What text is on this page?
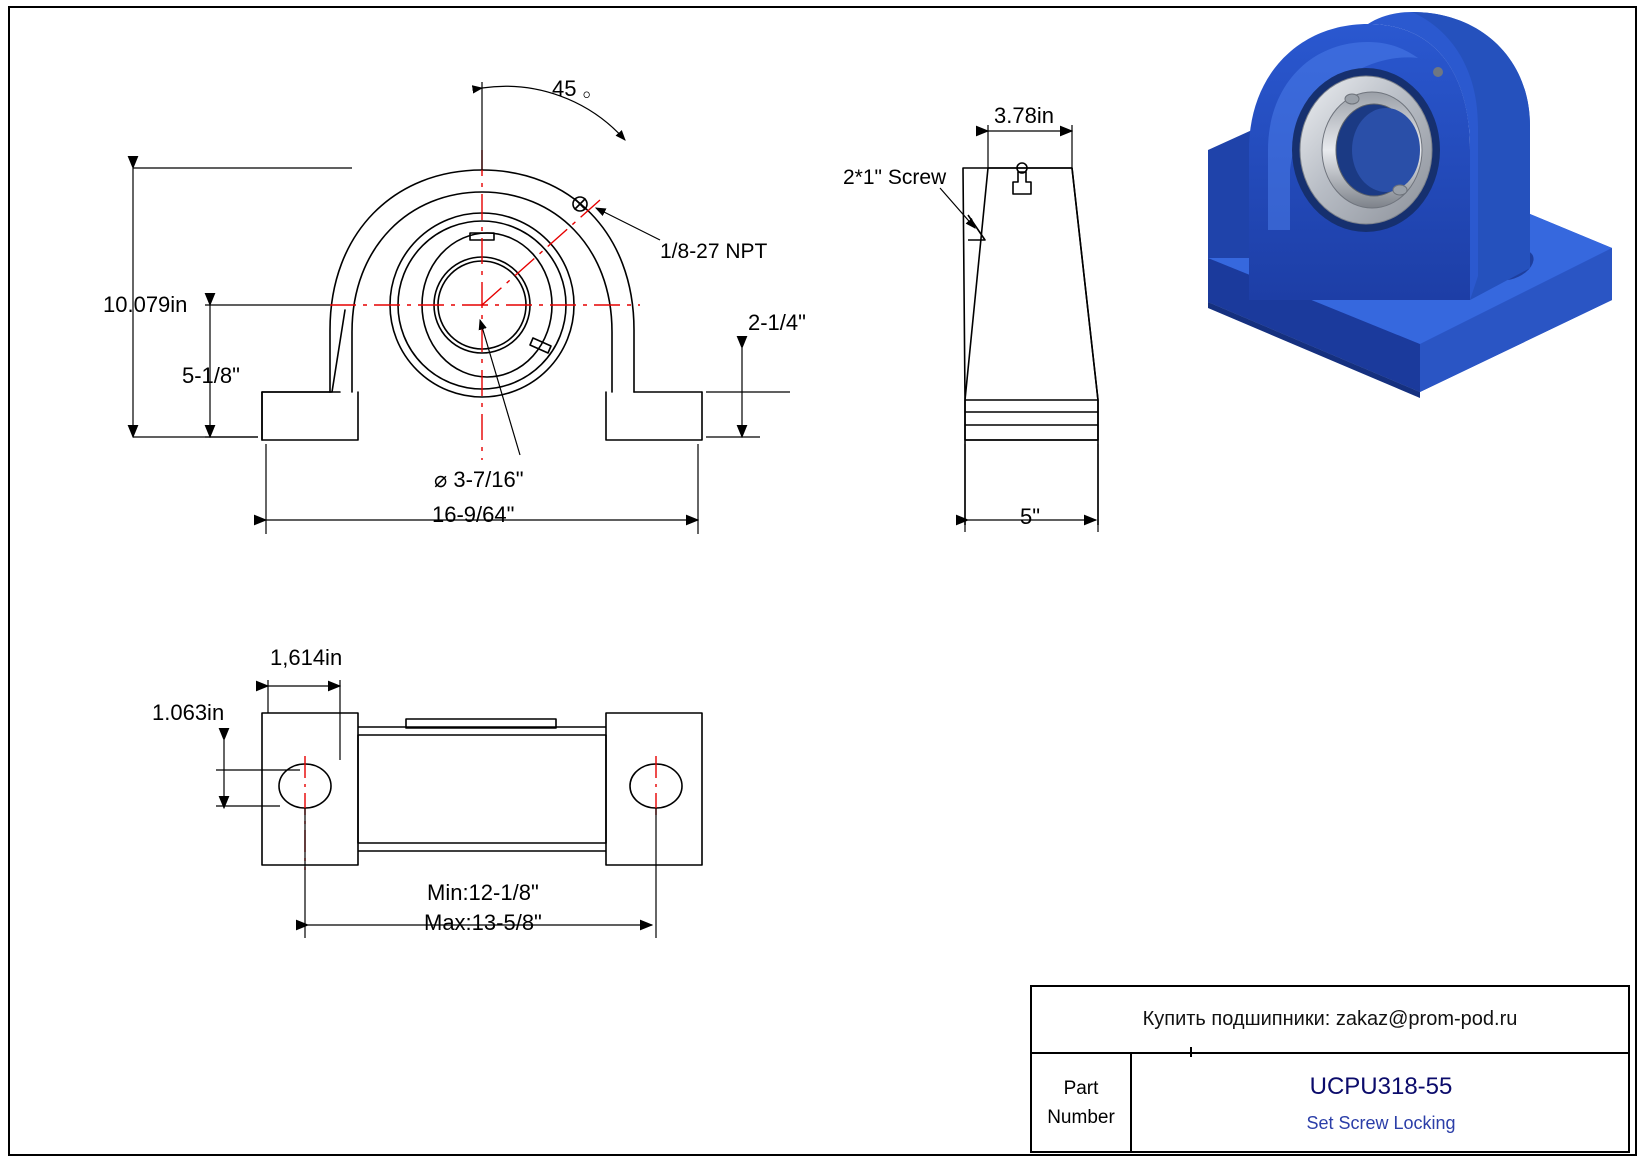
10.079in
5-1/8"
2-1/4"
16-9/64"
⌀ 3-7/16"
45 。
1/8-27 NPT
3.78in
5"
2*1" Screw
1,614in
1.063in
Min:12-1/8"
Max:13-5/8"
Купить подшипники: zakaz@prom-pod.ru
Part
Number
UCPU318-55
Set Screw Locking
